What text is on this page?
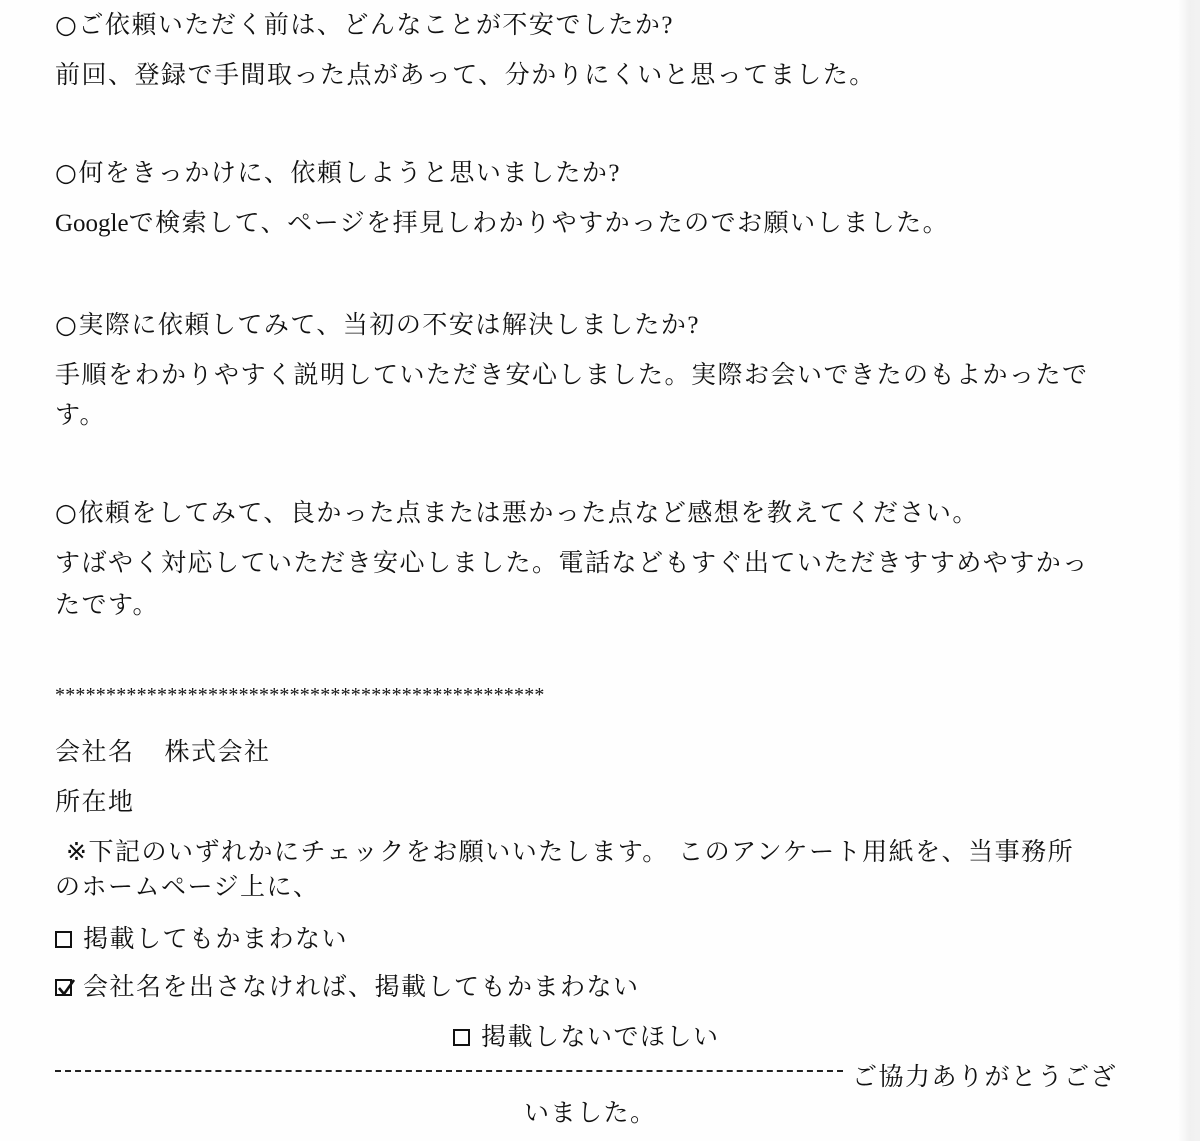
○ご依頼いただく前は、どんなことが不安でしたか?
前回、登録で手間取った点があって、分かりにくいと思ってました。
○何をきっかけに、依頼しようと思いましたか?
Googleで検索して、ページを拝見しわかりやすかったのでお願いしました。
○実際に依頼してみて、当初の不安は解決しましたか?
手順をわかりやすく説明していただき安心しました。実際お会いできたのもよかったで
す。
○依頼をしてみて、良かった点または悪かった点など感想を教えてください。
すばやく対応していただき安心しました。電話などもすぐ出ていただきすすめやすかっ
たです。
************************************************
会社名 株式会社
所在地
※下記のいずれかにチェックをお願いいたします。 このアンケート用紙を、当事務所
のホームページ上に、
掲載してもかまわない
会社名を出さなければ、掲載してもかまわない
掲載しないでほしい
ご協力ありがとうござ
いました。
